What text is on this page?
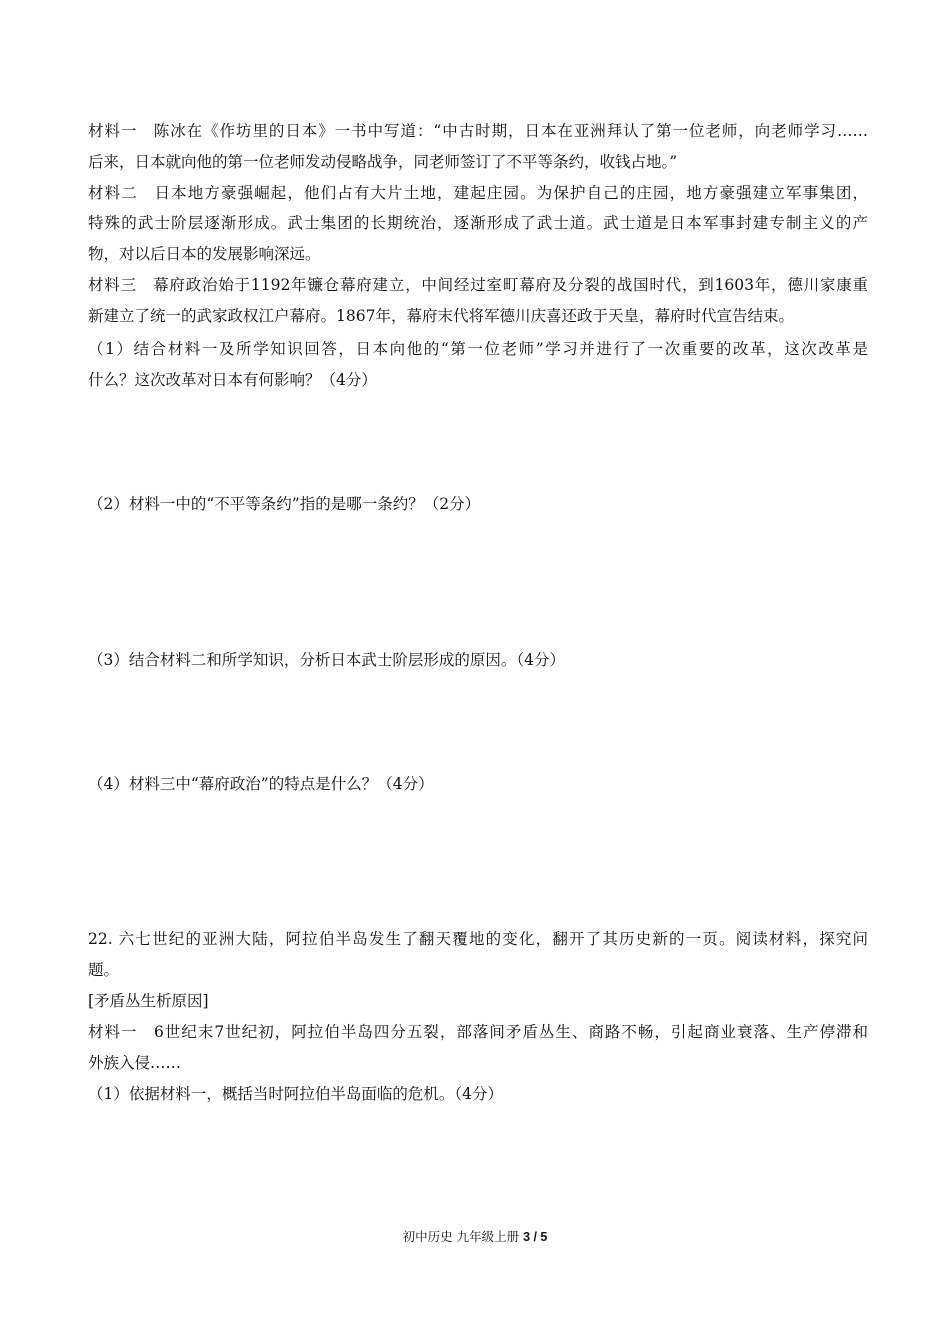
材料一　陈冰在《作坊里的日本》一书中写道：“中古时期，日本在亚洲拜认了第一位老师，向老师学习……
后来，日本就向他的第一位老师发动侵略战争，同老师签订了不平等条约，收钱占地。”
材料二　日本地方豪强崛起，他们占有大片土地，建起庄园。为保护自己的庄园，地方豪强建立军事集团，
特殊的武士阶层逐渐形成。武士集团的长期统治，逐渐形成了武士道。武士道是日本军事封建专制主义的产
物，对以后日本的发展影响深远。
材料三　幕府政治始于1192年镰仓幕府建立，中间经过室町幕府及分裂的战国时代，到1603年，德川家康重
新建立了统一的武家政权江户幕府。1867年，幕府末代将军德川庆喜还政于天皇，幕府时代宣告结束。
（1）结合材料一及所学知识回答，日本向他的“第一位老师”学习并进行了一次重要的改革，这次改革是
什么？这次改革对日本有何影响？（4分）
（2）材料一中的“不平等条约”指的是哪一条约？（2分）
（3）结合材料二和所学知识，分析日本武士阶层形成的原因。（4分）
（4）材料三中“幕府政治”的特点是什么？（4分）
22. 六七世纪的亚洲大陆，阿拉伯半岛发生了翻天覆地的变化，翻开了其历史新的一页。阅读材料，探究问
题。
[矛盾丛生析原因]
材料一　6世纪末7世纪初，阿拉伯半岛四分五裂，部落间矛盾丛生、商路不畅，引起商业衰落、生产停滞和
外族入侵……
（1）依据材料一，概括当时阿拉伯半岛面临的危机。（4分）
初中历史 九年级上册 3 / 5
